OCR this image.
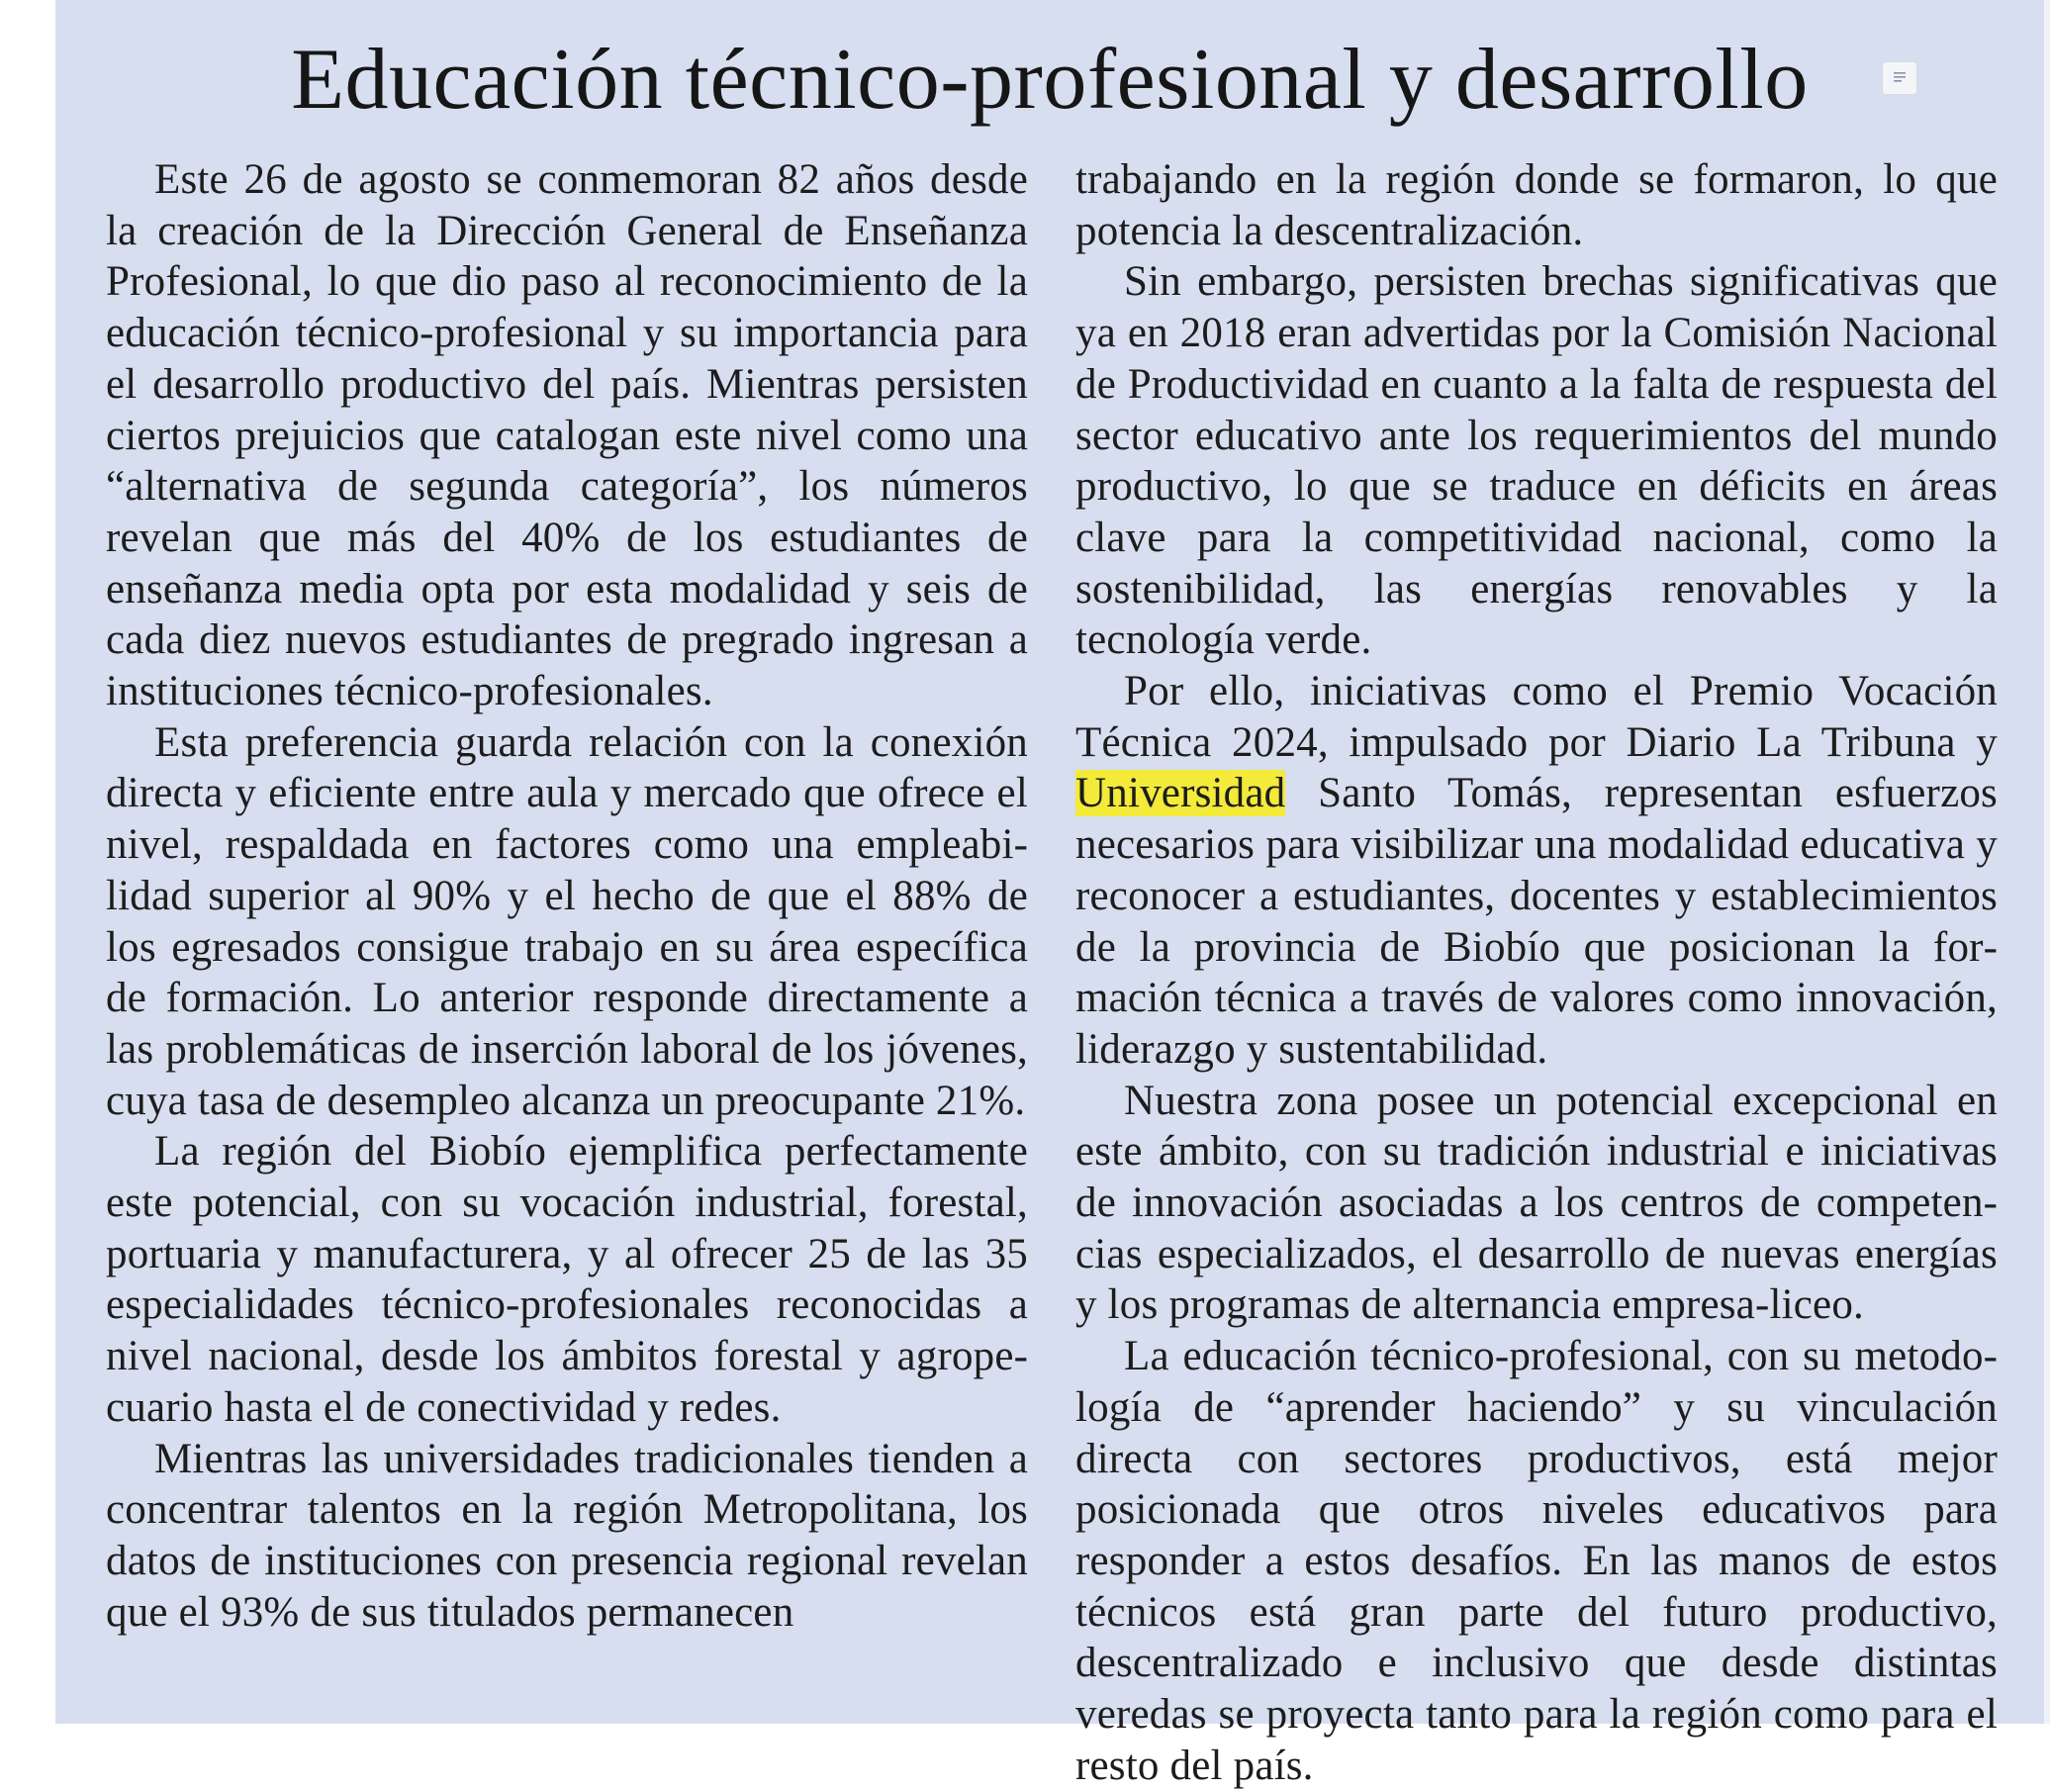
Educación técnico-profesional y desarrollo

Este 26 de agosto se conmemoran 82 años desde la creación de la Dirección General de Enseñanza Profesional, lo que dio paso al reconocimiento de la educación técnico-profesional y su importancia para el desarrollo productivo del país. Mientras persisten ciertos prejuicios que catalogan este nivel como una “alternativa de segunda categoría”, los números revelan que más del 40% de los estudiantes de enseñanza media opta por esta modalidad y seis de cada diez nuevos estudiantes de pregrado ingresan a instituciones técnico-profesionales.

Esta preferencia guarda relación con la conexión directa y eficiente entre aula y mercado que ofrece el nivel, respaldada en factores como una empleabilidad superior al 90% y el hecho de que el 88% de los egresados consigue trabajo en su área específica de formación. Lo anterior responde directamente a las problemáticas de inserción laboral de los jóvenes, cuya tasa de desempleo alcanza un preocupante 21%.

La región del Biobío ejemplifica perfectamente este potencial, con su vocación industrial, forestal, portuaria y manufacturera, y al ofrecer 25 de las 35 especialidades técnico-profesionales reconocidas a nivel nacional, desde los ámbitos forestal y agropecuario hasta el de conectividad y redes.

Mientras las universidades tradicionales tienden a concentrar talentos en la región Metropolitana, los datos de instituciones con presencia regional revelan que el 93% de sus titulados permanecen

trabajando en la región donde se formaron, lo que potencia la descentralización.

Sin embargo, persisten brechas significativas que ya en 2018 eran advertidas por la Comisión Nacional de Productividad en cuanto a la falta de respuesta del sector educativo ante los requerimientos del mundo productivo, lo que se traduce en déficits en áreas clave para la competitividad nacional, como la sostenibilidad, las energías renovables y la tecnología verde.

Por ello, iniciativas como el Premio Vocación Técnica 2024, impulsado por Diario La Tribuna y Universidad Santo Tomás, representan esfuerzos necesarios para visibilizar una modalidad educativa y reconocer a estudiantes, docentes y establecimientos de la provincia de Biobío que posicionan la formación técnica a través de valores como innovación, liderazgo y sustentabilidad.

Nuestra zona posee un potencial excepcional en este ámbito, con su tradición industrial e iniciativas de innovación asociadas a los centros de competencias especializados, el desarrollo de nuevas energías y los programas de alternancia empresa-liceo.

La educación técnico-profesional, con su metodología de “aprender haciendo” y su vinculación directa con sectores productivos, está mejor posicionada que otros niveles educativos para responder a estos desafíos. En las manos de estos técnicos está gran parte del futuro productivo, descentralizado e inclusivo que desde distintas veredas se proyecta tanto para la región como para el resto del país.
